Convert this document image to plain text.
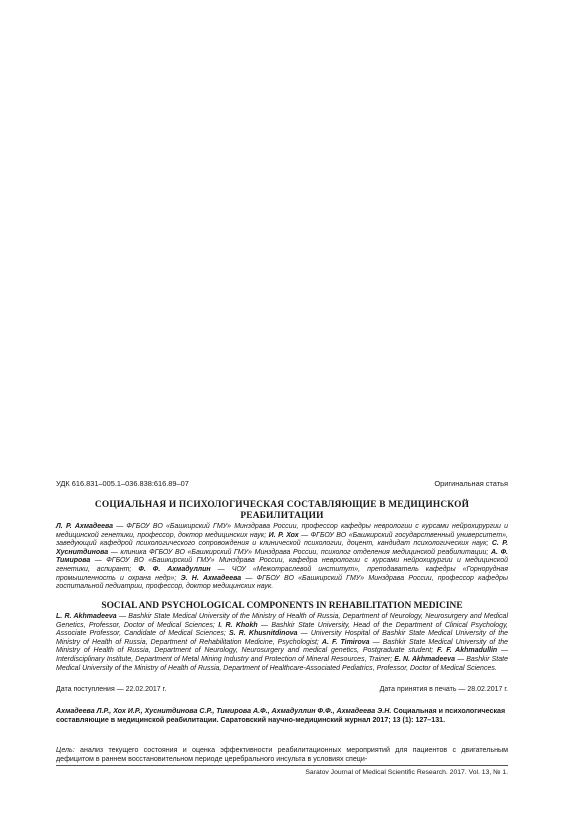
УДК 616.831–005.1–036.838:616.89–07	Оригинальная статья
СОЦИАЛЬНАЯ И ПСИХОЛОГИЧЕСКАЯ СОСТАВЛЯЮЩИЕ В МЕДИЦИНСКОЙ РЕАБИЛИТАЦИИ
Л. Р. Ахмадеева — ФГБОУ ВО «Башкирский ГМУ» Минздрава России, профессор кафедры неврологии с курсами нейрохирургии и медицинской генетики, профессор, доктор медицинских наук; И. Р. Хох — ФГБОУ ВО «Башкирский государственный университет», заведующий кафедрой психологического сопровождения и клинической психологии, доцент, кандидат психологических наук; С. Р. Хуснитдинова — клиника ФГБОУ ВО «Башкирский ГМУ» Минздрава России, психолог отделения медицинской реабилитации; А. Ф. Тимирова — ФГБОУ ВО «Башкирский ГМУ» Минздрава России, кафедра неврологии с курсами нейрохирургии и медицинской генетики, аспирант; Ф. Ф. Ахмадуллин — ЧОУ «Межотраслевой институт», преподаватель кафедры «Горнорудная промышленность и охрана недр»; Э. Н. Ахмадеева — ФГБОУ ВО «Башкирский ГМУ» Минздрава России, профессор кафедры госпитальной педиатрии, профессор, доктор медицинских наук.
SOCIAL AND PSYCHOLOGICAL COMPONENTS IN REHABILITATION MEDICINE
L. R. Akhmadeeva — Bashkir State Medical University of the Ministry of Health of Russia, Department of Neurology, Neurosurgery and Medical Genetics, Professor, Doctor of Medical Sciences; I. R. Khokh — Bashkir State University, Head of the Department of Clinical Psychology, Associate Professor, Candidate of Medical Sciences; S. R. Khusnitdinova — University Hospital of Bashkir State Medical University of the Ministry of Health of Russia, Department of Rehabilitation Medicine, Psychologist; A. F. Timirova — Bashkir State Medical University of the Ministry of Health of Russia, Department of Neurology, Neurosurgery and medical genetics, Postgraduate student; F. F. Akhmadullin — Interdisciplinary Institute, Department of Metal Mining Industry and Protection of Mineral Resources, Trainer; E. N. Akhmadeeva — Bashkir State Medical University of the Ministry of Health of Russia, Department of Healthcare-Associated Pediatrics, Professor, Doctor of Medical Sciences.
Дата поступления — 22.02.2017 г.	Дата принятия в печать — 28.02.2017 г.
Ахмадеева Л.Р., Хох И.Р., Хуснитдинова С.Р., Тимирова А.Ф., Ахмадуллин Ф.Ф., Ахмадеева Э.Н. Социальная и психологическая составляющие в медицинской реабилитации. Саратовский научно-медицинский журнал 2017; 13 (1): 127–131.
Цель: анализ текущего состояния и оценка эффективности реабилитационных мероприятий для пациентов с двигательным дефицитом в раннем восстановительном периоде церебрального инсульта в условиях специ-
Saratov Journal of Medical Scientific Research. 2017. Vol. 13, № 1.
